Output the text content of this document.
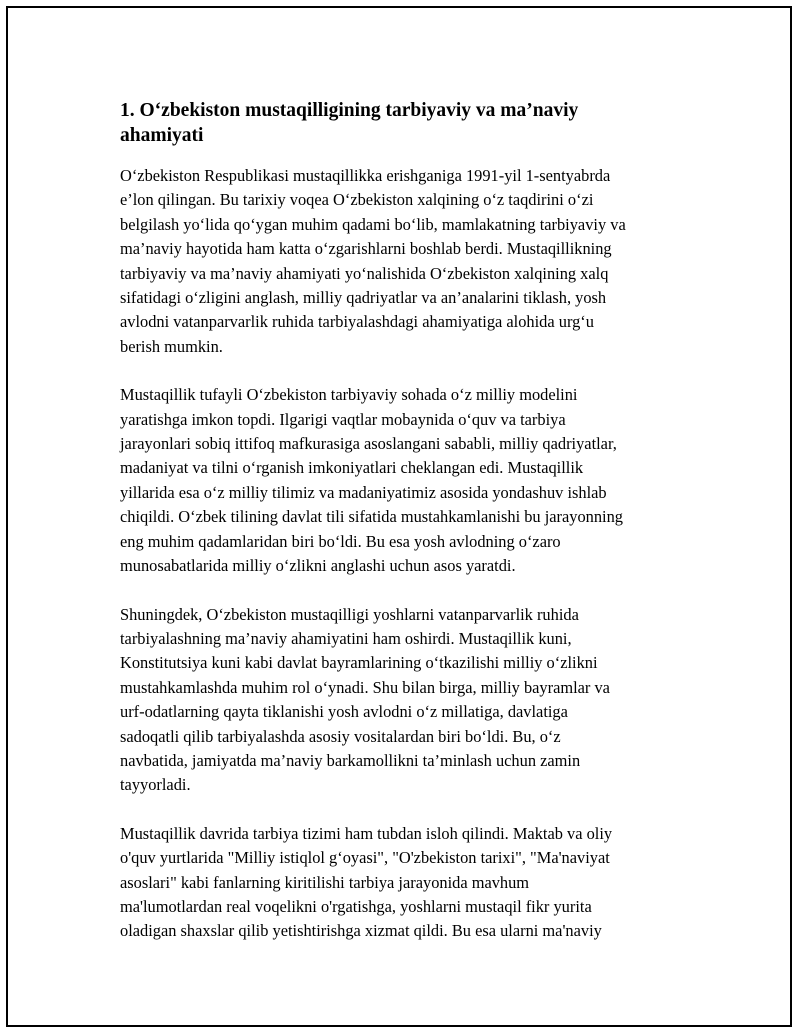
1. O‘zbekiston mustaqilligining tarbiyaviy va ma’naviy
ahamiyati

O‘zbekiston Respublikasi mustaqillikka erishganiga 1991-yil 1-sentyabrda
e’lon qilingan. Bu tarixiy voqea O‘zbekiston xalqining o‘z taqdirini o‘zi
belgilash yo‘lida qo‘ygan muhim qadami bo‘lib, mamlakatning tarbiyaviy va
ma’naviy hayotida ham katta o‘zgarishlarni boshlab berdi. Mustaqillikning
tarbiyaviy va ma’naviy ahamiyati yo‘nalishida O‘zbekiston xalqining xalq
sifatidagi o‘zligini anglash, milliy qadriyatlar va an’analarini tiklash, yosh
avlodni vatanparvarlik ruhida tarbiyalashdagi ahamiyatiga alohida urg‘u
berish mumkin.

Mustaqillik tufayli O‘zbekiston tarbiyaviy sohada o‘z milliy modelini
yaratishga imkon topdi. Ilgarigi vaqtlar mobaynida o‘quv va tarbiya
jarayonlari sobiq ittifoq mafkurasiga asoslangani sababli, milliy qadriyatlar,
madaniyat va tilni o‘rganish imkoniyatlari cheklangan edi. Mustaqillik
yillarida esa o‘z milliy tilimiz va madaniyatimiz asosida yondashuv ishlab
chiqildi. O‘zbek tilining davlat tili sifatida mustahkamlanishi bu jarayonning
eng muhim qadamlaridan biri bo‘ldi. Bu esa yosh avlodning o‘zaro
munosabatlarida milliy o‘zlikni anglashi uchun asos yaratdi.

Shuningdek, O‘zbekiston mustaqilligi yoshlarni vatanparvarlik ruhida
tarbiyalashning ma’naviy ahamiyatini ham oshirdi. Mustaqillik kuni,
Konstitutsiya kuni kabi davlat bayramlarining o‘tkazilishi milliy o‘zlikni
mustahkamlashda muhim rol o‘ynadi. Shu bilan birga, milliy bayramlar va
urf-odatlarning qayta tiklanishi yosh avlodni o‘z millatiga, davlatiga
sadoqatli qilib tarbiyalashda asosiy vositalardan biri bo‘ldi. Bu, o‘z
navbatida, jamiyatda ma’naviy barkamollikni ta’minlash uchun zamin
tayyorladi.

Mustaqillik davrida tarbiya tizimi ham tubdan isloh qilindi. Maktab va oliy
o'quv yurtlarida "Milliy istiqlol g‘oyasi", "O'zbekiston tarixi", "Ma'naviyat
asoslari" kabi fanlarning kiritilishi tarbiya jarayonida mavhum
ma'lumotlardan real voqelikni o'rgatishga, yoshlarni mustaqil fikr yurita
oladigan shaxslar qilib yetishtirishga xizmat qildi. Bu esa ularni ma'naviy
